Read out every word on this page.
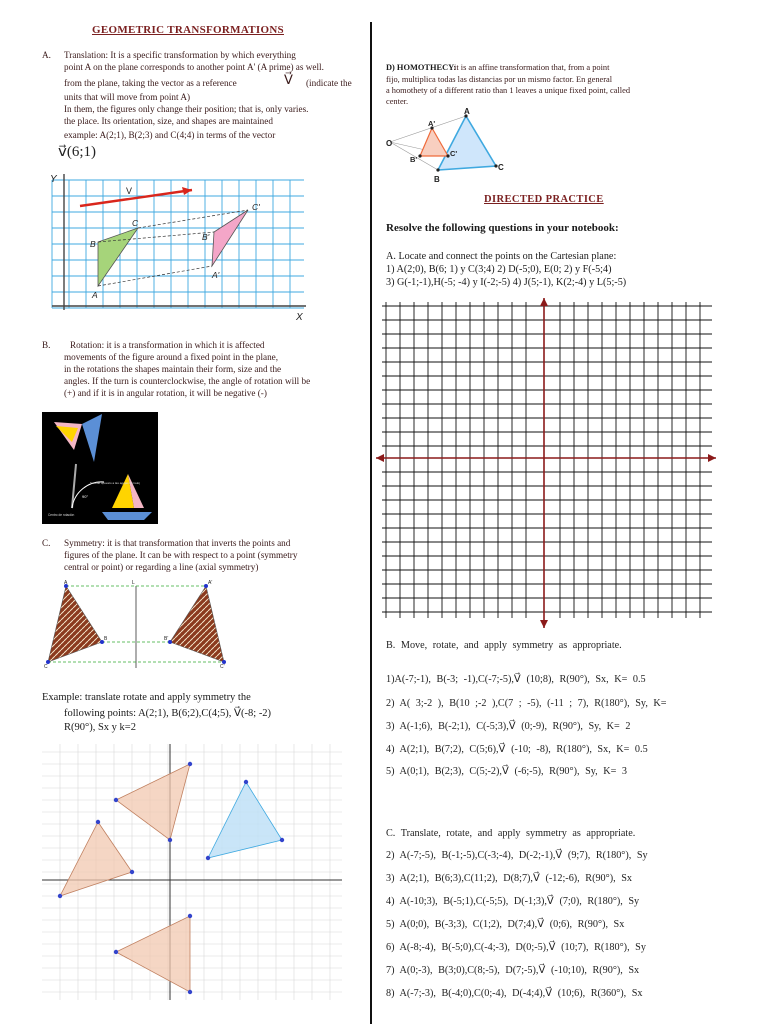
GEOMETRIC TRANSFORMATIONS
A.	Translation: It is a specific transformation by which everything
point A on the plane corresponds to another point A' (A prime) as well.
from the plane, taking the vector as a reference	V⃗ (indicate the
units that will move from point A)
In them, the figures only change their position; that is, only varies.
the place. Its orientation, size, and shapes are maintained
example: A(2;1), B(2;3) and C(4;4) in terms of the vector
v⃗(6;1)
Y
X
V
A
B
C
A'
B'
C'
B. Rotation: it is a transformation in which it is affected
movements of the figure around a fixed point in the plane,
in the rotations the shapes maintain their form, size and the
angles. If the turn is counterclockwise, the angle of rotation will be
(+) and if it is in angular rotation, it will be negative (-)
90°
Sentido opuesto a las agujas del reloj
Centro de rotación
C. Symmetry: it is that transformation that inverts the points and
figures of the plane. It can be with respect to a point (symmetry
central or point) or regarding a line (axial symmetry)
A
B
C
A'
B'
C'
L
Example: translate rotate and apply symmetry the
following points: A(2;1), B(6;2),C(4;5), V⃗(-8; -2)
R(90°), Sx y k=2
D) HOMOTHECY:
it is an affine transformation that, from a point
fijo, multiplica todas las distancias por un mismo factor. En general
a homothety of a different ratio than 1 leaves a unique fixed point, called
center.
A
A'
B
B'
C
C'
O
DIRECTED PRACTICE
Resolve the following questions in your notebook:
A. Locate and connect the points on the Cartesian plane:
1) A(2;0), B(6; 1) y C(3;4) 2) D(-5;0), E(0; 2) y F(-5;4)
3) G(-1;-1),H(-5; -4) y I(-2;-5) 4) J(5;-1), K(2;-4) y L(5;-5)
B. Move, rotate, and apply symmetry as appropriate.
1)A(-7;-1), B(-3; -1),C(-7;-5),V⃗ (10;8), R(90°), Sx, K= 0.5
2) A( 3;-2 ), B(10 ;-2 ),C(7 ; -5), (-11 ; 7), R(180°), Sy, K=
3) A(-1;6), B(-2;1), C(-5;3),V⃗ (0;-9), R(90°), Sy, K= 2
4) A(2;1), B(7;2), C(5;6),V⃗ (-10; -8), R(180°), Sx, K= 0.5
5) A(0;1), B(2;3), C(5;-2),V⃗ (-6;-5), R(90°), Sy, K= 3
C. Translate, rotate, and apply symmetry as appropriate.
2) A(-7;-5), B(-1;-5),C(-3;-4), D(-2;-1),V⃗ (9;7), R(180°), Sy
3) A(2;1), B(6;3),C(11;2), D(8;7),V⃗ (-12;-6), R(90°), Sx
4) A(-10;3), B(-5;1),C(-5;5), D(-1;3),V⃗ (7;0), R(180°), Sy
5) A(0;0), B(-3;3), C(1;2), D(7;4),V⃗ (0;6), R(90°), Sx
6) A(-8;-4), B(-5;0),C(-4;-3), D(0;-5),V⃗ (10;7), R(180°), Sy
7) A(0;-3), B(3;0),C(8;-5), D(7;-5),V⃗ (-10;10), R(90°), Sx
8) A(-7;-3), B(-4;0),C(0;-4), D(-4;4),V⃗ (10;6), R(360°), Sx
